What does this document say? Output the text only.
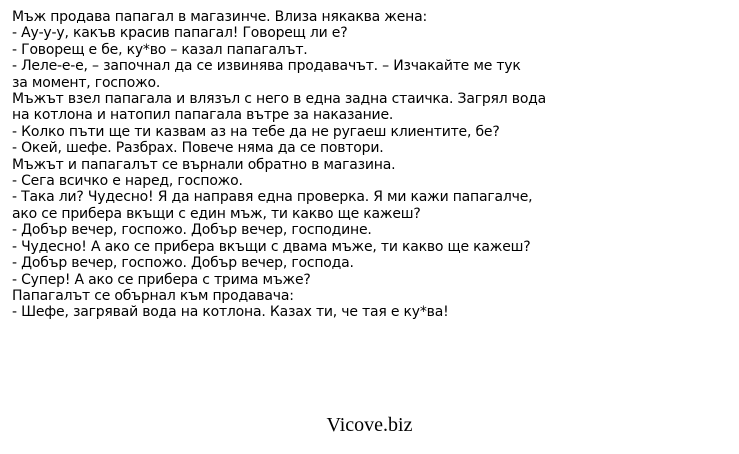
Мъж продава папагал в магазинче. Влиза някаква жена:
- Ау-у-у, какъв красив папагал! Говорещ ли е?
- Говорещ е бе, ку*во – казал папагалът.
- Леле-е-е, – започнал да се извинява продавачът. – Изчакайте ме тук
за момент, госпожо.
Мъжът взел папагала и влязъл с него в една задна стаичка. Загрял вода
на котлона и натопил папагала вътре за наказание.
- Колко пъти ще ти казвам аз на тебе да не ругаеш клиентите, бе?
- Окей, шефе. Разбрах. Повече няма да се повтори.
Мъжът и папагалът се върнали обратно в магазина.
- Сега всичко е наред, госпожо.
- Така ли? Чудесно! Я да направя една проверка. Я ми кажи папагалче,
ако се прибера вкъщи с един мъж, ти какво ще кажеш?
- Добър вечер, госпожо. Добър вечер, господине.
- Чудесно! А ако се прибера вкъщи с двама мъже, ти какво ще кажеш?
- Добър вечер, госпожо. Добър вечер, господа.
- Супер! А ако се прибера с трима мъже?
Папагалът се обърнал към продавача:
- Шефе, загрявай вода на котлона. Казах ти, че тая е ку*ва!
Vicove.biz
